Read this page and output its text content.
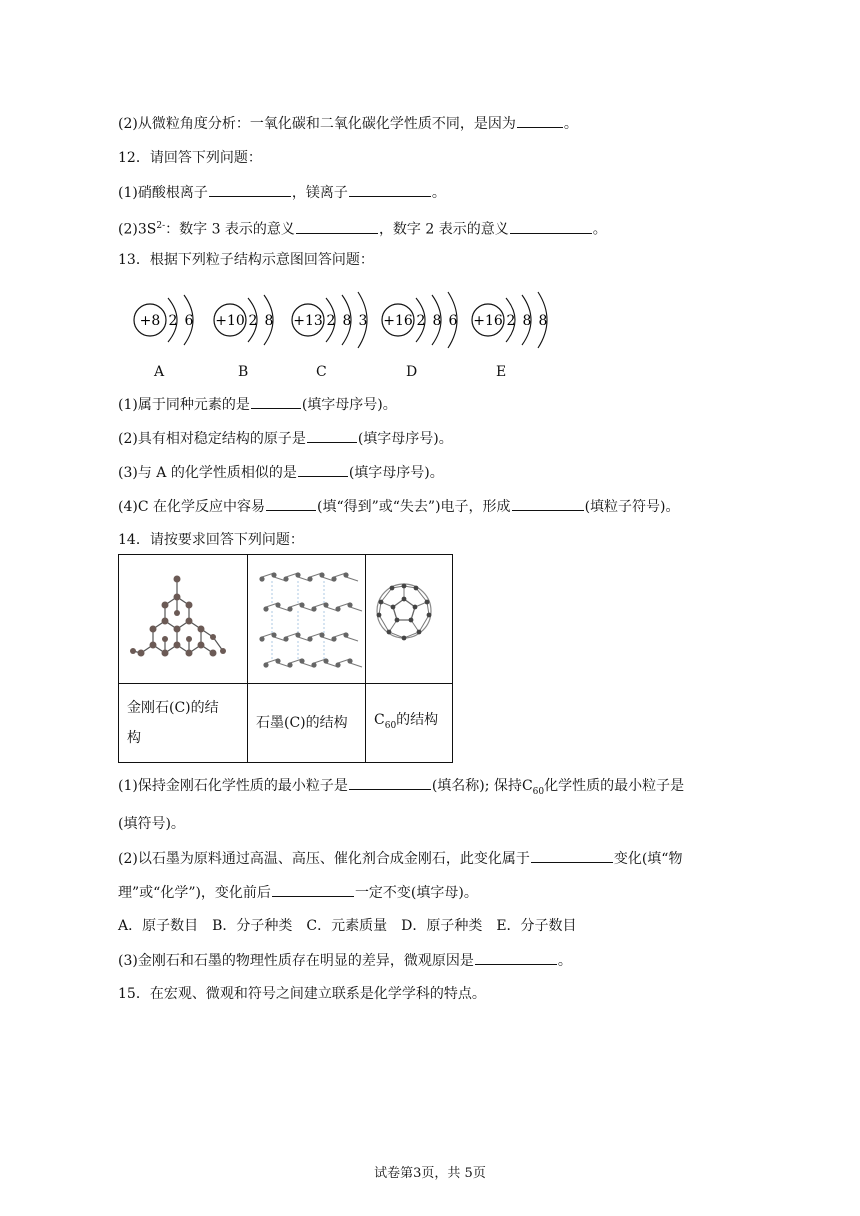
(2)从微粒角度分析：一氧化碳和二氧化碳化学性质不同，是因为	。
12．请回答下列问题：
(1)硝酸根离子	，镁离子	。
$(2)3S^{2-}$：数字 3 表示的意义	，数字 2 表示的意义	。
13．根据下列粒子结构示意图回答问题：
+8 2 6 +10 2 8 +13 2 8 3 +16 2 8 6 +16 2 8 8
A	B	C	D	E
(1)属于同种元素的是	(填字母序号)。
(2)具有相对稳定结构的原子是	(填字母序号)。
(3)与 A 的化学性质相似的是	(填字母序号)。
(4)C 在化学反应中容易	(填“得到”或“失去”)电子，形成	(填粒子符号)。
14．请按要求回答下列问题：

金刚石(C)的结
构	石墨(C)的结构	$C_{60}$的结构
(1)保持金刚石化学性质的最小粒子是	(填名称); 保持$C_{60}$化学性质的最小粒子是
(填符号)。
(2)以石墨为原料通过高温、高压、催化剂合成金刚石，此变化属于	变化(填“物
理”或“化学”)，变化前后	一定不变(填字母)。
A．原子数目　B．分子种类　C．元素质量　D．原子种类　E．分子数目
(3)金刚石和石墨的物理性质存在明显的差异，微观原因是	。
15．在宏观、微观和符号之间建立联系是化学学科的特点。
试卷第3页，共 5页
